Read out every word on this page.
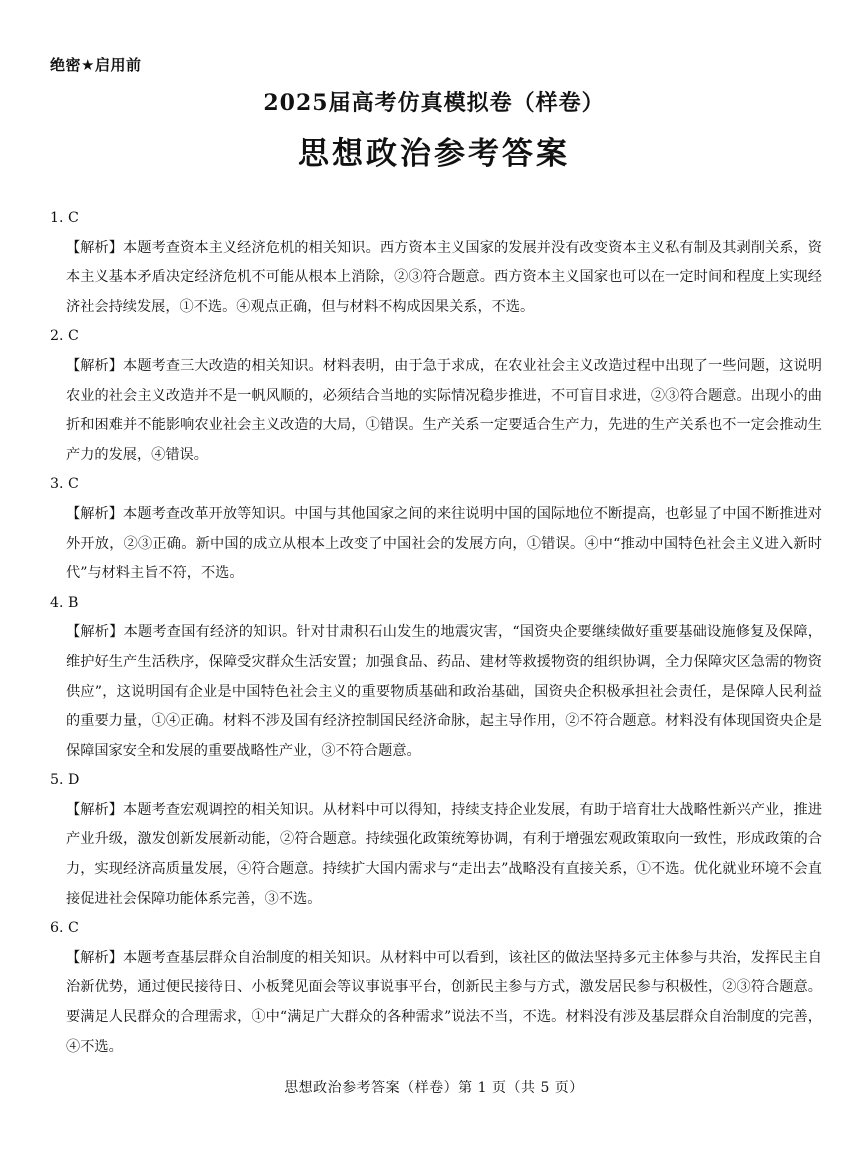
绝密★启用前
2025届高考仿真模拟卷（样卷）
思想政治参考答案

1. C

【解析】本题考查资本主义经济危机的相关知识。西方资本主义国家的发展并没有改变资本主义私有制及其剥削关系，资本主义基本矛盾决定经济危机不可能从根本上消除，②③符合题意。西方资本主义国家也可以在一定时间和程度上实现经济社会持续发展，①不选。④观点正确，但与材料不构成因果关系，不选。

2. C

【解析】本题考查三大改造的相关知识。材料表明，由于急于求成，在农业社会主义改造过程中出现了一些问题，这说明农业的社会主义改造并不是一帆风顺的，必须结合当地的实际情况稳步推进，不可盲目求进，②③符合题意。出现小的曲折和困难并不能影响农业社会主义改造的大局，①错误。生产关系一定要适合生产力，先进的生产关系也不一定会推动生产力的发展，④错误。

3. C

【解析】本题考查改革开放等知识。中国与其他国家之间的来往说明中国的国际地位不断提高，也彰显了中国不断推进对外开放，②③正确。新中国的成立从根本上改变了中国社会的发展方向，①错误。④中“推动中国特色社会主义进入新时代”与材料主旨不符，不选。

4. B

【解析】本题考查国有经济的知识。针对甘肃积石山发生的地震灾害，“国资央企要继续做好重要基础设施修复及保障，维护好生产生活秩序，保障受灾群众生活安置；加强食品、药品、建材等救援物资的组织协调，全力保障灾区急需的物资供应”，这说明国有企业是中国特色社会主义的重要物质基础和政治基础，国资央企积极承担社会责任，是保障人民利益的重要力量，①④正确。材料不涉及国有经济控制国民经济命脉，起主导作用，②不符合题意。材料没有体现国资央企是保障国家安全和发展的重要战略性产业，③不符合题意。

5. D

【解析】本题考查宏观调控的相关知识。从材料中可以得知，持续支持企业发展，有助于培育壮大战略性新兴产业，推进产业升级，激发创新发展新动能，②符合题意。持续强化政策统筹协调，有利于增强宏观政策取向一致性，形成政策的合力，实现经济高质量发展，④符合题意。持续扩大国内需求与“走出去”战略没有直接关系，①不选。优化就业环境不会直接促进社会保障功能体系完善，③不选。

6. C

【解析】本题考查基层群众自治制度的相关知识。从材料中可以看到，该社区的做法坚持多元主体参与共治，发挥民主自治新优势，通过便民接待日、小板凳见面会等议事说事平台，创新民主参与方式，激发居民参与积极性，②③符合题意。要满足人民群众的合理需求，①中“满足广大群众的各种需求”说法不当，不选。材料没有涉及基层群众自治制度的完善，④不选。

思想政治参考答案（样卷）第 1 页（共 5 页）
